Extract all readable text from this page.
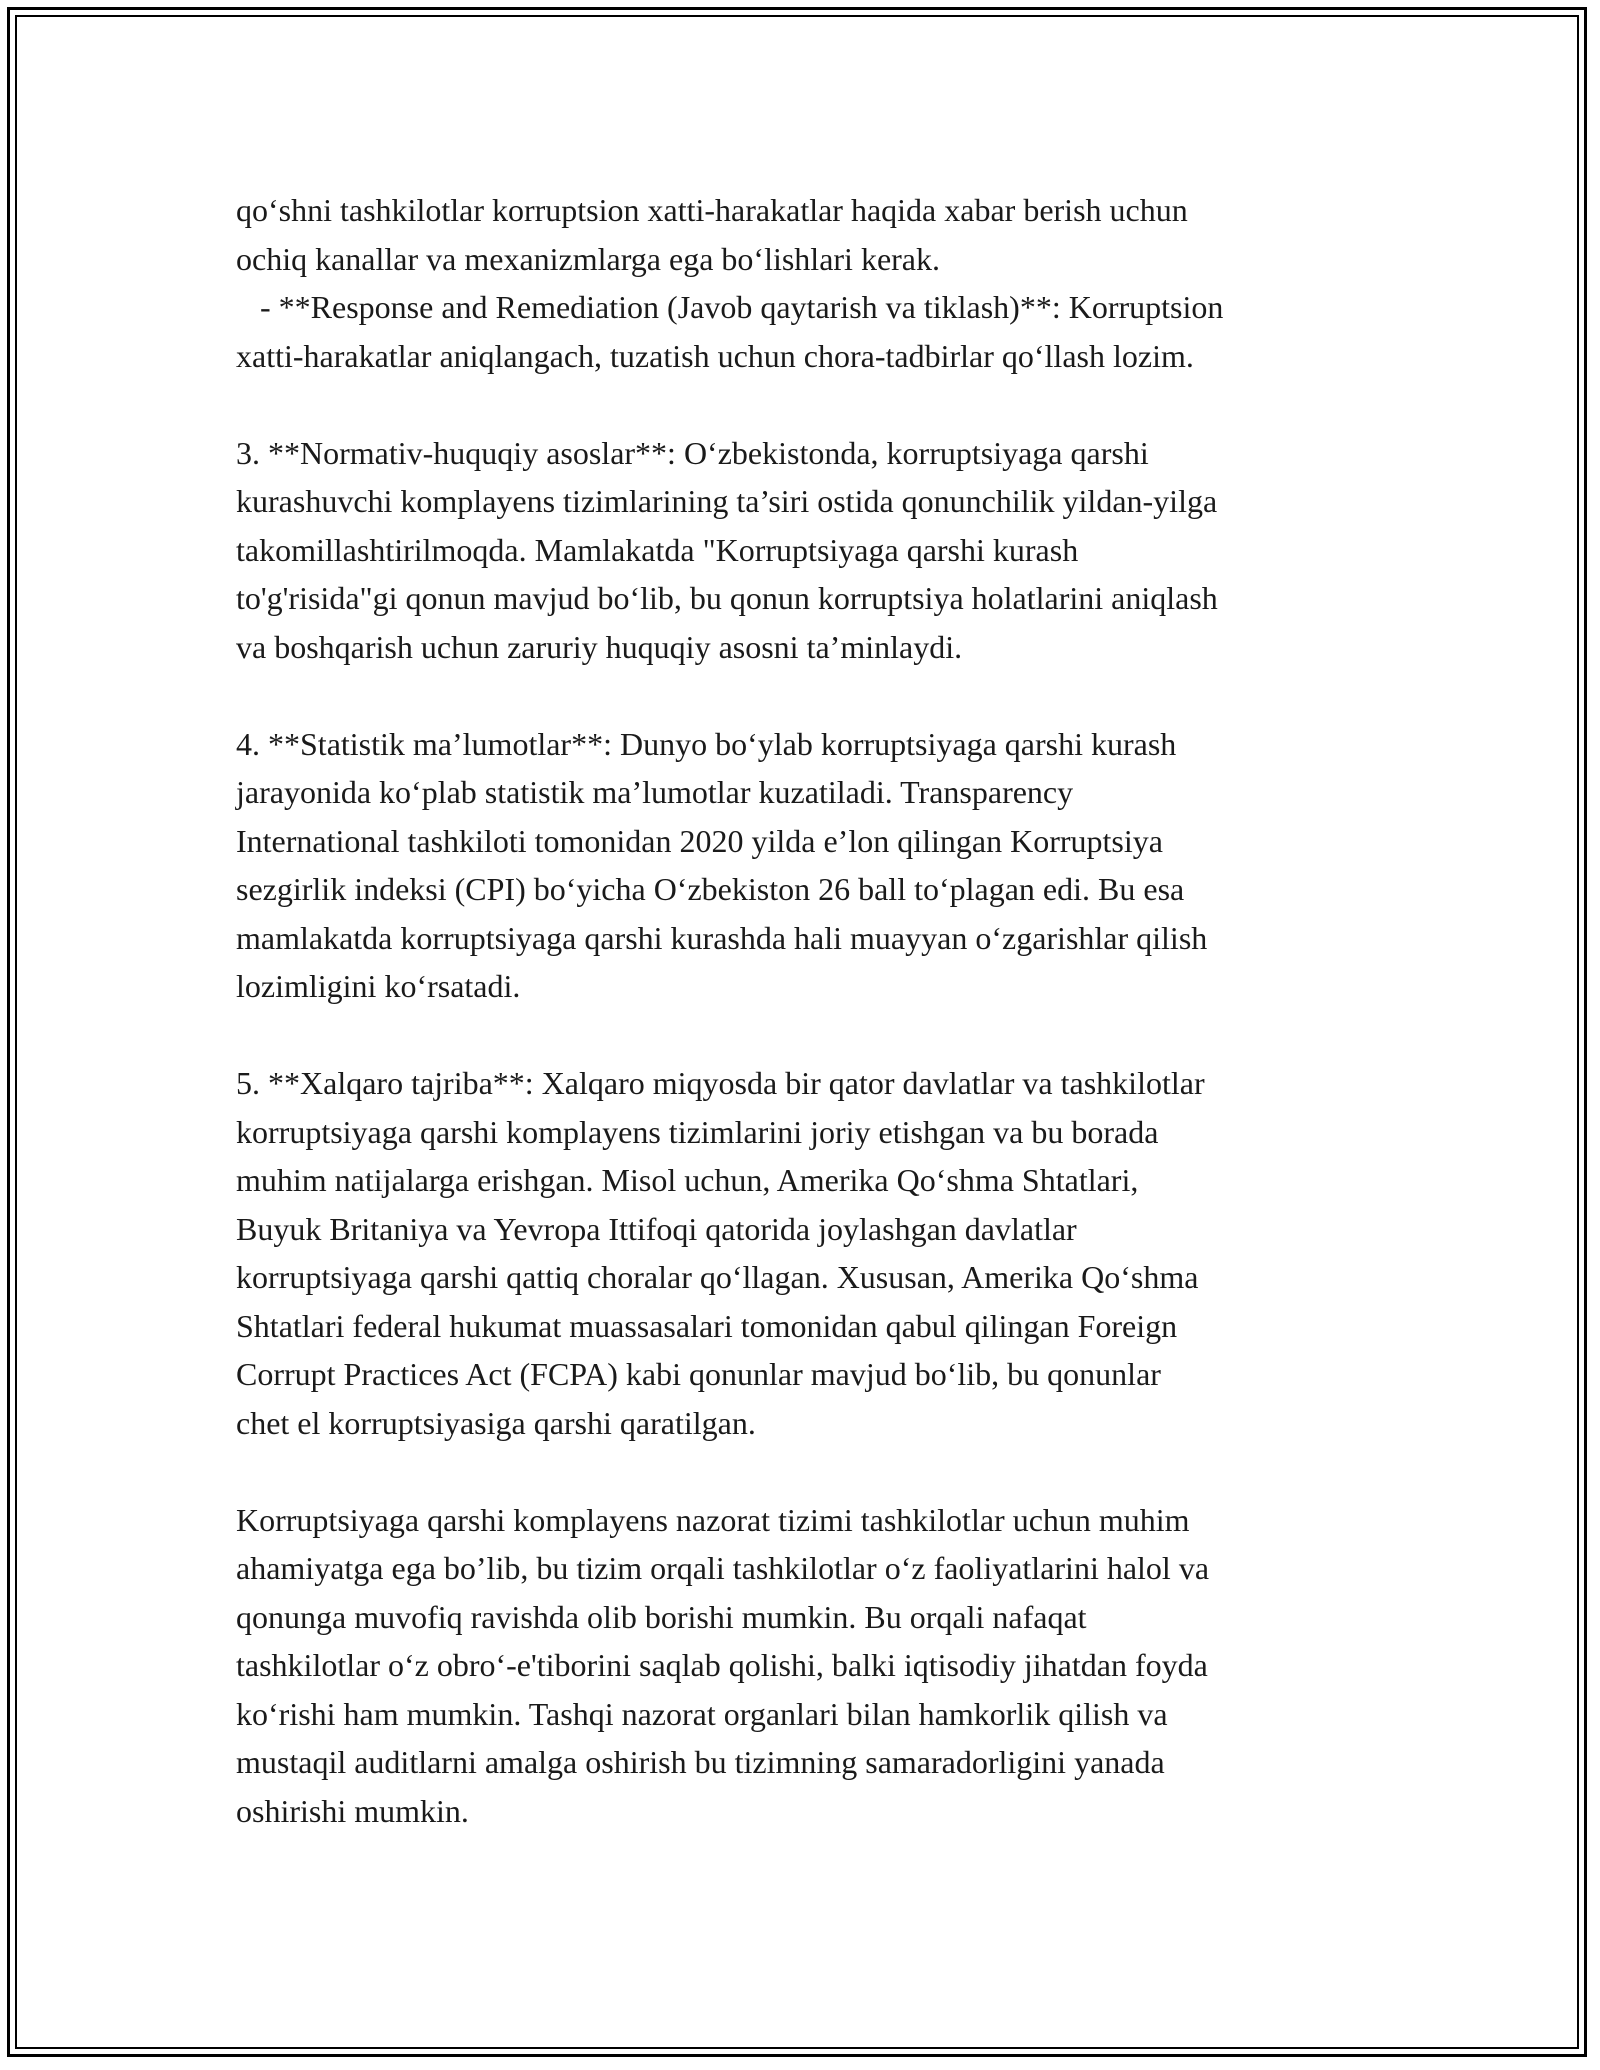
qo‘shni tashkilotlar korruptsion xatti-harakatlar haqida xabar berish uchun
ochiq kanallar va mexanizmlarga ega bo‘lishlari kerak.

- **Response and Remediation (Javob qaytarish va tiklash)**: Korruptsion
xatti-harakatlar aniqlangach, tuzatish uchun chora-tadbirlar qo‘llash lozim.

3. **Normativ-huquqiy asoslar**: O‘zbekistonda, korruptsiyaga qarshi
kurashuvchi komplayens tizimlarining ta’siri ostida qonunchilik yildan-yilga
takomillashtirilmoqda. Mamlakatda "Korruptsiyaga qarshi kurash
to'g'risida"gi qonun mavjud bo‘lib, bu qonun korruptsiya holatlarini aniqlash
va boshqarish uchun zaruriy huquqiy asosni ta’minlaydi.

4. **Statistik ma’lumotlar**: Dunyo bo‘ylab korruptsiyaga qarshi kurash
jarayonida ko‘plab statistik ma’lumotlar kuzatiladi. Transparency
International tashkiloti tomonidan 2020 yilda e’lon qilingan Korruptsiya
sezgirlik indeksi (CPI) bo‘yicha O‘zbekiston 26 ball to‘plagan edi. Bu esa
mamlakatda korruptsiyaga qarshi kurashda hali muayyan o‘zgarishlar qilish
lozimligini ko‘rsatadi.

5. **Xalqaro tajriba**: Xalqaro miqyosda bir qator davlatlar va tashkilotlar
korruptsiyaga qarshi komplayens tizimlarini joriy etishgan va bu borada
muhim natijalarga erishgan. Misol uchun, Amerika Qo‘shma Shtatlari,
Buyuk Britaniya va Yevropa Ittifoqi qatorida joylashgan davlatlar
korruptsiyaga qarshi qattiq choralar qo‘llagan. Xususan, Amerika Qo‘shma
Shtatlari federal hukumat muassasalari tomonidan qabul qilingan Foreign
Corrupt Practices Act (FCPA) kabi qonunlar mavjud bo‘lib, bu qonunlar
chet el korruptsiyasiga qarshi qaratilgan.

Korruptsiyaga qarshi komplayens nazorat tizimi tashkilotlar uchun muhim
ahamiyatga ega bo’lib, bu tizim orqali tashkilotlar o‘z faoliyatlarini halol va
qonunga muvofiq ravishda olib borishi mumkin. Bu orqali nafaqat
tashkilotlar o‘z obro‘-e'tiborini saqlab qolishi, balki iqtisodiy jihatdan foyda
ko‘rishi ham mumkin. Tashqi nazorat organlari bilan hamkorlik qilish va
mustaqil auditlarni amalga oshirish bu tizimning samaradorligini yanada
oshirishi mumkin.
